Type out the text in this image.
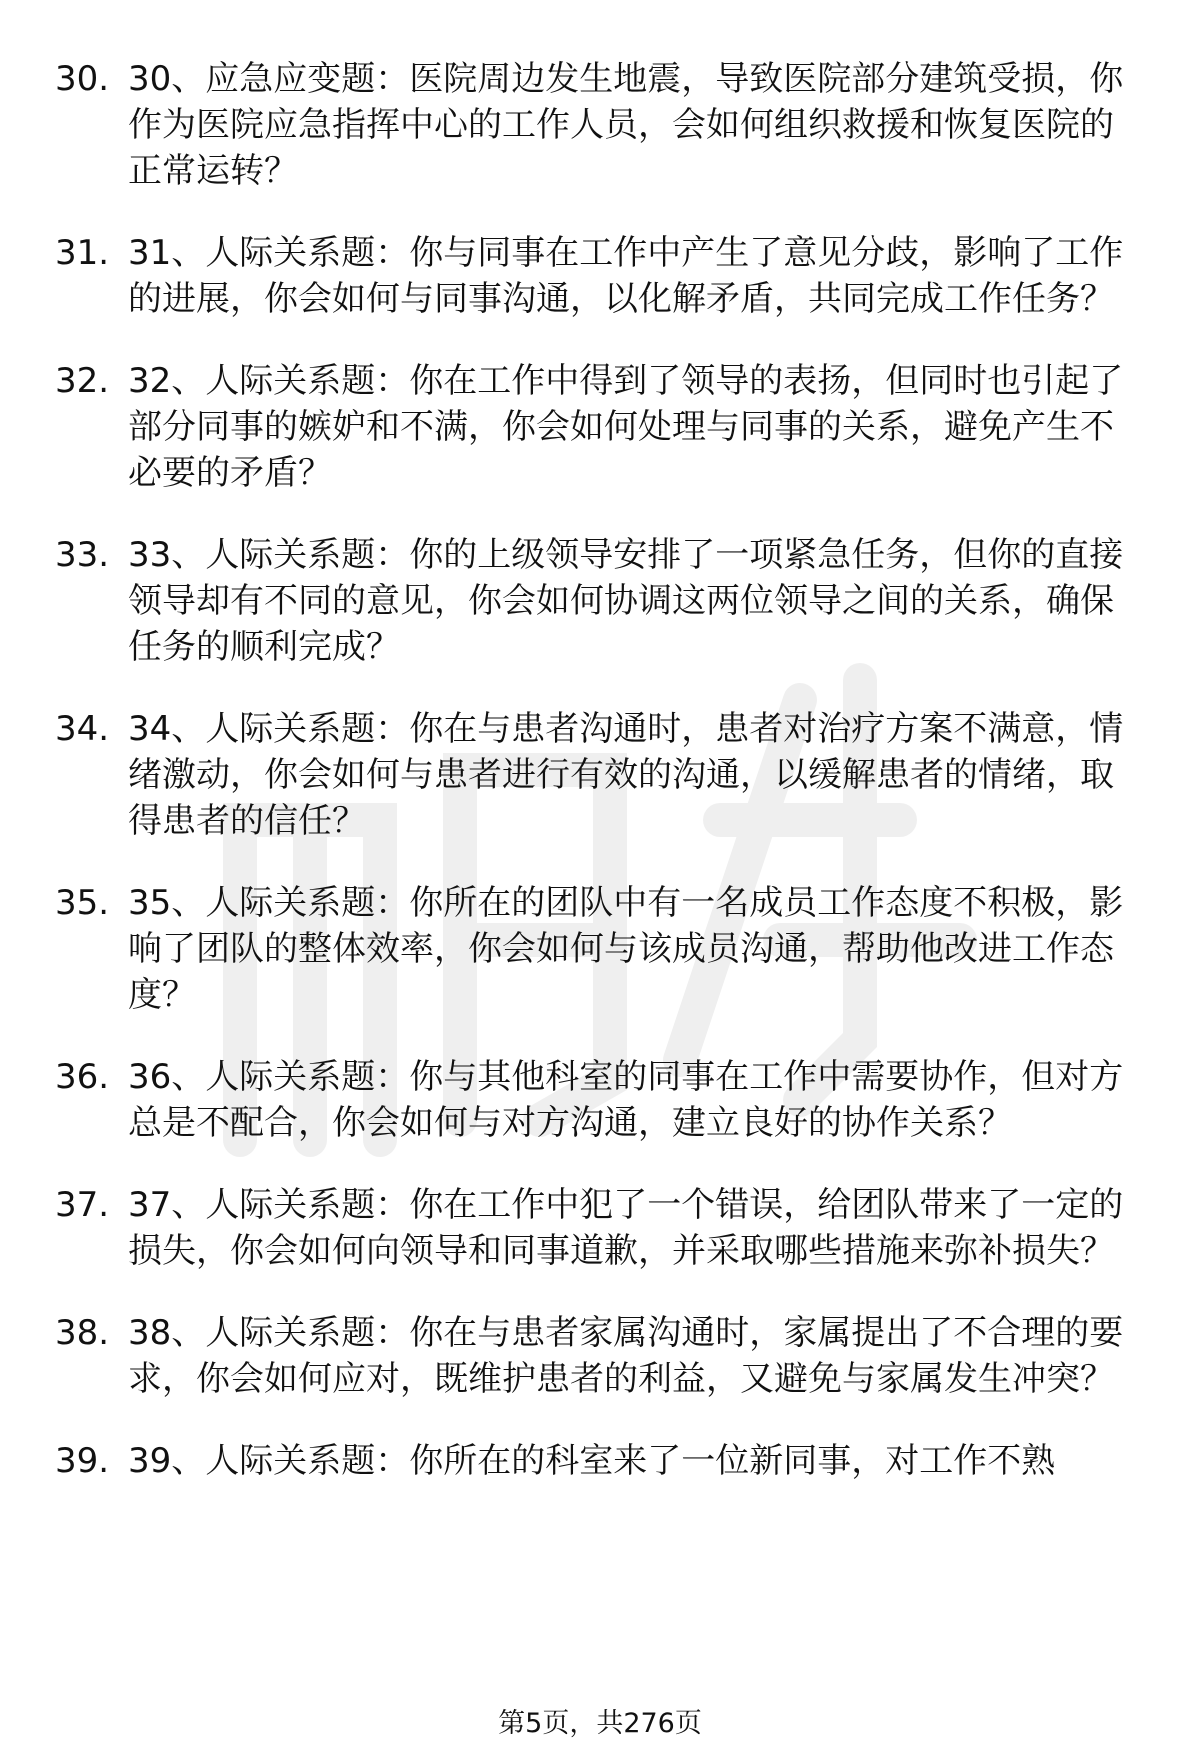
30. 30、应急应变题：医院周边发生地震，导致医院部分建筑受损，你作为医院应急指挥中心的工作人员，会如何组织救援和恢复医院的正常运转？
31. 31、人际关系题：你与同事在工作中产生了意见分歧，影响了工作的进展，你会如何与同事沟通，以化解矛盾，共同完成工作任务？
32. 32、人际关系题：你在工作中得到了领导的表扬，但同时也引起了部分同事的嫉妒和不满，你会如何处理与同事的关系，避免产生不必要的矛盾？
33. 33、人际关系题：你的上级领导安排了一项紧急任务，但你的直接领导却有不同的意见，你会如何协调这两位领导之间的关系，确保任务的顺利完成？
34. 34、人际关系题：你在与患者沟通时，患者对治疗方案不满意，情绪激动，你会如何与患者进行有效的沟通，以缓解患者的情绪，取得患者的信任？
35. 35、人际关系题：你所在的团队中有一名成员工作态度不积极，影响了团队的整体效率，你会如何与该成员沟通，帮助他改进工作态度？
36. 36、人际关系题：你与其他科室的同事在工作中需要协作，但对方总是不配合，你会如何与对方沟通，建立良好的协作关系？
37. 37、人际关系题：你在工作中犯了一个错误，给团队带来了一定的损失，你会如何向领导和同事道歉，并采取哪些措施来弥补损失？
38. 38、人际关系题：你在与患者家属沟通时，家属提出了不合理的要求，你会如何应对，既维护患者的利益，又避免与家属发生冲突？
39. 39、人际关系题：你所在的科室来了一位新同事，对工作不熟
第5页，共276页
